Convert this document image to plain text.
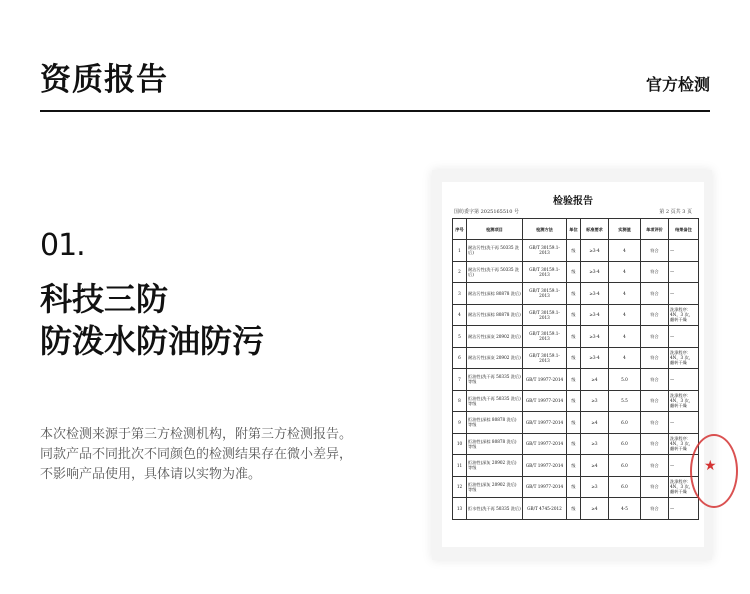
资质报告	官方检测
01.
科技三防
防泼水防油防污
本次检测来源于第三方检测机构，附第三方检测报告。
同款产品不同批次不同颜色的检测结果存在微小差异，
不影响产品使用，具体请以实物为准。
检验报告
国纺委字第 2025165510 号	第 2 页共 3 页
序号	检测项目	检测方法	单位	标准要求	实测值	单项评价	结果备注
1	耐沾污性(洗干再 50335 洗后)	GB/T 30159.1-2013	级	≥3-4	4	符合	—
2	耐沾污性(洗干再 50335 洗后)	GB/T 30159.1-2013	级	≥3-4	4	符合	—
3	耐沾污性(深棕 80878 洗后)	GB/T 30159.1-2013	级	≥3-4	4	符合	—
4	耐沾污性(深棕 80878 洗后)	GB/T 30159.1-2013	级	≥3-4	4	符合	洗涤程序：4N，3 次，翻转干燥
5	耐沾污性(深灰 20902 洗后)	GB/T 30159.1-2013	级	≥3-4	4	符合	—
6	耐沾污性(深灰 20902 洗后)	GB/T 30159.1-2013	级	≥3-4	4	符合	洗涤程序：4N，3 次，翻转干燥
7	拒油性(洗干再 50335 洗后) 等级	GB/T 19977-2014	级	≥4	5.0	符合	—
8	拒油性(洗干再 50335 洗后) 等级	GB/T 19977-2014	级	≥3	5.5	符合	洗涤程序：4N，3 次，翻转干燥
9	拒油性(深棕 80878 洗后) 等级	GB/T 19977-2014	级	≥4	6.0	符合	—
10	拒油性(深棕 80878 洗后) 等级	GB/T 19977-2014	级	≥3	6.0	符合	洗涤程序：4N，3 次，翻转干燥
11	拒油性(深灰 20902 洗后) 等级	GB/T 19977-2014	级	≥4	6.0	符合	—
12	拒油性(深灰 20902 洗后) 等级	GB/T 19977-2014	级	≥3	6.0	符合	洗涤程序：4N，3 次，翻转干燥
13	拒水性(洗干再 50335 洗后)	GB/T 4745-2012	级	≥4	4-5	符合	—
★
